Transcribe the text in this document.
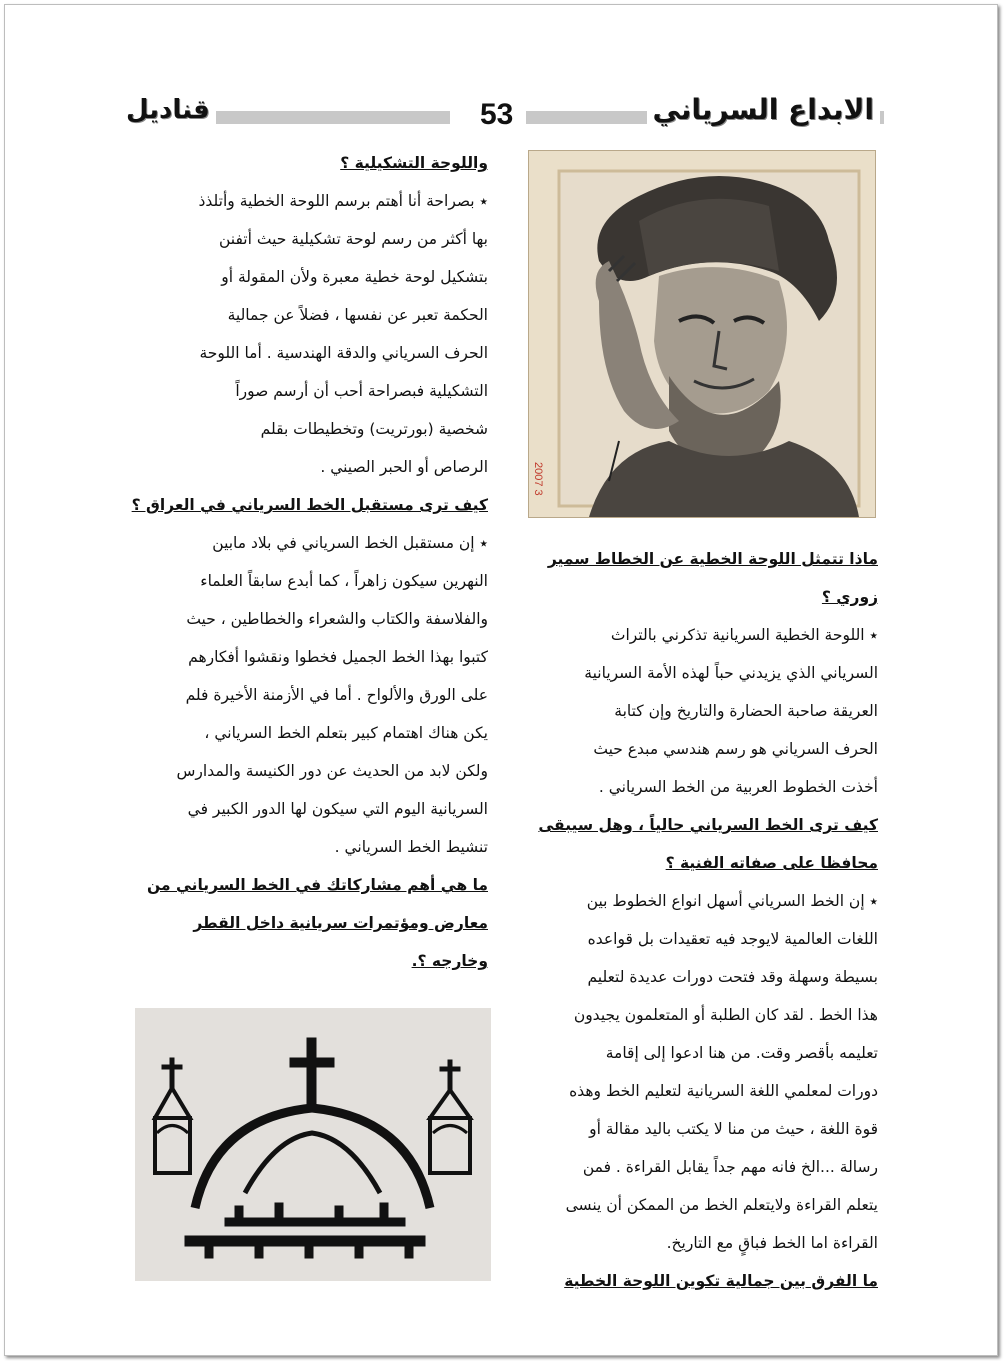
قناديل	53	الابداع السرياني

واللوحة التشكيلية ؟

٭ بصراحة أنا أهتم برسم اللوحة الخطية وأتلذذ

بها أكثر من رسم لوحة تشكيلية حيث أتفنن

بتشكيل لوحة خطية معبرة ولأن المقولة أو

الحكمة تعبر عن نفسها ، فضلاً عن جمالية

الحرف السرياني والدقة الهندسية . أما اللوحة

التشكيلية فبصراحة أحب أن أرسم صوراً

شخصية (بورتريت) وتخطيطات بقلم

الرصاص أو الحبر الصيني .

كيف ترى مستقبل الخط السرياني في العراق ؟

٭ إن مستقبل الخط السرياني في بلاد مابين

النهرين سيكون زاهراً ، كما أبدع سابقاً العلماء

والفلاسفة والكتاب والشعراء والخطاطين ، حيث

كتبوا بهذا الخط الجميل فخطوا ونقشوا أفكارهم

على الورق والألواح . أما في الأزمنة الأخيرة فلم

يكن هناك اهتمام كبير بتعلم الخط السرياني ،

ولكن لابد من الحديث عن دور الكنيسة والمدارس

السريانية اليوم التي سيكون لها الدور الكبير في

تنشيط الخط السرياني .

ما هي أهم مشاركاتك في الخط السرياني من

معارض ومؤتمرات سريانية داخل القطر

وخارجه ؟.

2007 3

ماذا تتمثل اللوحة الخطية عن الخطاط سمير

زوري ؟

٭ اللوحة الخطية السريانية تذكرني بالتراث

السرياني الذي يزيدني حباً لهذه الأمة السريانية

العريقة صاحبة الحضارة والتاريخ وإن كتابة

الحرف السرياني هو رسم هندسي مبدع حيث

أخذت الخطوط العربية من الخط السرياني .

كيف ترى الخط السرياني حالياً ، وهل سيبقى

محافظا على صفاته الفنية ؟

٭ إن الخط السرياني أسهل انواع الخطوط بين

اللغات العالمية لايوجد فيه تعقيدات بل قواعده

بسيطة وسهلة وقد فتحت دورات عديدة لتعليم

هذا الخط . لقد كان الطلبة أو المتعلمون يجيدون

تعليمه بأقصر وقت. من هنا ادعوا إلى إقامة

دورات لمعلمي اللغة السريانية لتعليم الخط وهذه

قوة اللغة ، حيث من منا لا يكتب باليد مقالة أو

رسالة ...الخ فانه مهم جداً يقابل القراءة . فمن

يتعلم القراءة ولايتعلم الخط من الممكن أن ينسى

القراءة اما الخط فباقٍ مع التاريخ.

ما الفرق بين جمالية تكوين اللوحة الخطية
